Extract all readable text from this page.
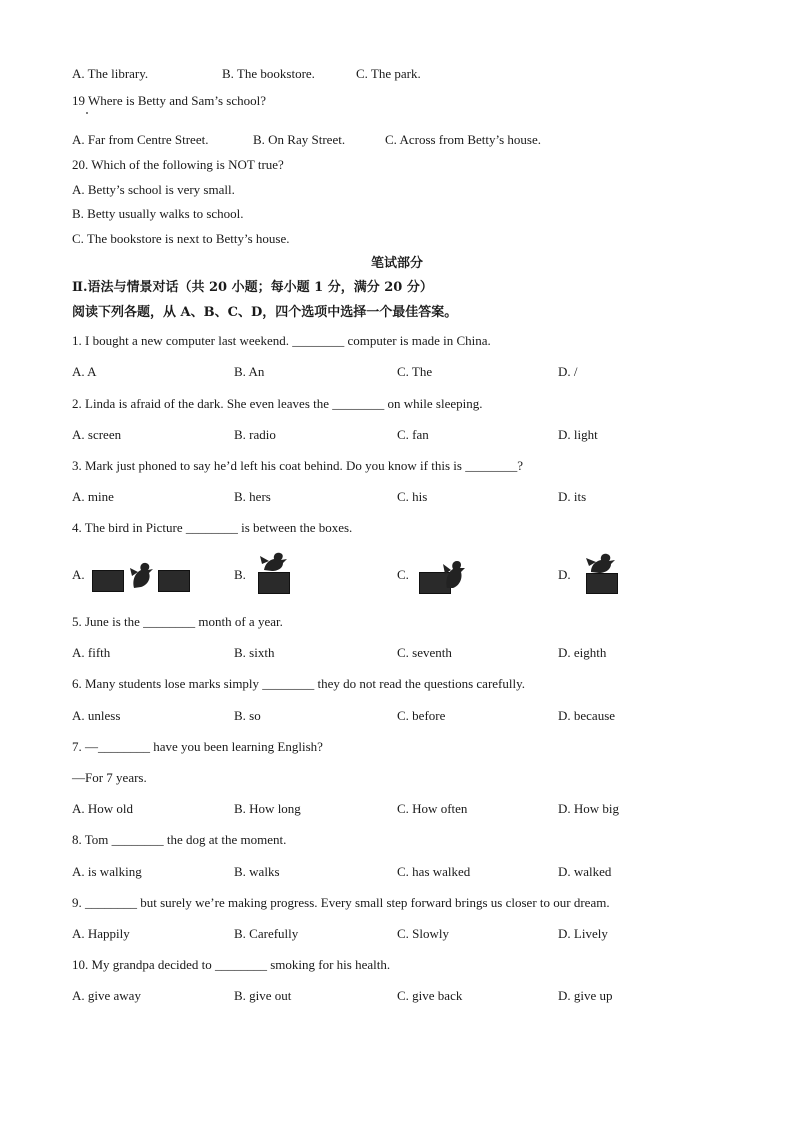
A. The library.	B. The bookstore.	C. The park.
19 Where is Betty and Sam’s school?
A. Far from Centre Street.	B. On Ray Street.	C. Across from Betty’s house.
20. Which of the following is NOT true?
A. Betty’s school is very small.
B. Betty usually walks to school.
C. The bookstore is next to Betty’s house.
笔试部分
Ⅱ.语法与情景对话（共 20 小题；每小题 1 分，满分 20 分）
阅读下列各题，从 A、B、C、D，四个选项中选择一个最佳答案。
1. I bought a new computer last weekend. ________ computer is made in China.
A. A	B. An	C. The	D. /
2. Linda is afraid of the dark. She even leaves the ________ on while sleeping.
A. screen	B. radio	C. fan	D. light
3. Mark just phoned to say he’d left his coat behind. Do you know if this is ________?
A. mine	B. hers	C. his	D. its
4. The bird in Picture ________ is between the boxes.
A.	B.	C.	D.
5. June is the ________ month of a year.
A. fifth	B. sixth	C. seventh	D. eighth
6. Many students lose marks simply ________ they do not read the questions carefully.
A. unless	B. so	C. before	D. because
7. —________ have you been learning English?
—For 7 years.
A. How old	B. How long	C. How often	D. How big
8. Tom ________ the dog at the moment.
A. is walking	B. walks	C. has walked	D. walked
9. ________ but surely we’re making progress. Every small step forward brings us closer to our dream.
A. Happily	B. Carefully	C. Slowly	D. Lively
10. My grandpa decided to ________ smoking for his health.
A. give away	B. give out	C. give back	D. give up
